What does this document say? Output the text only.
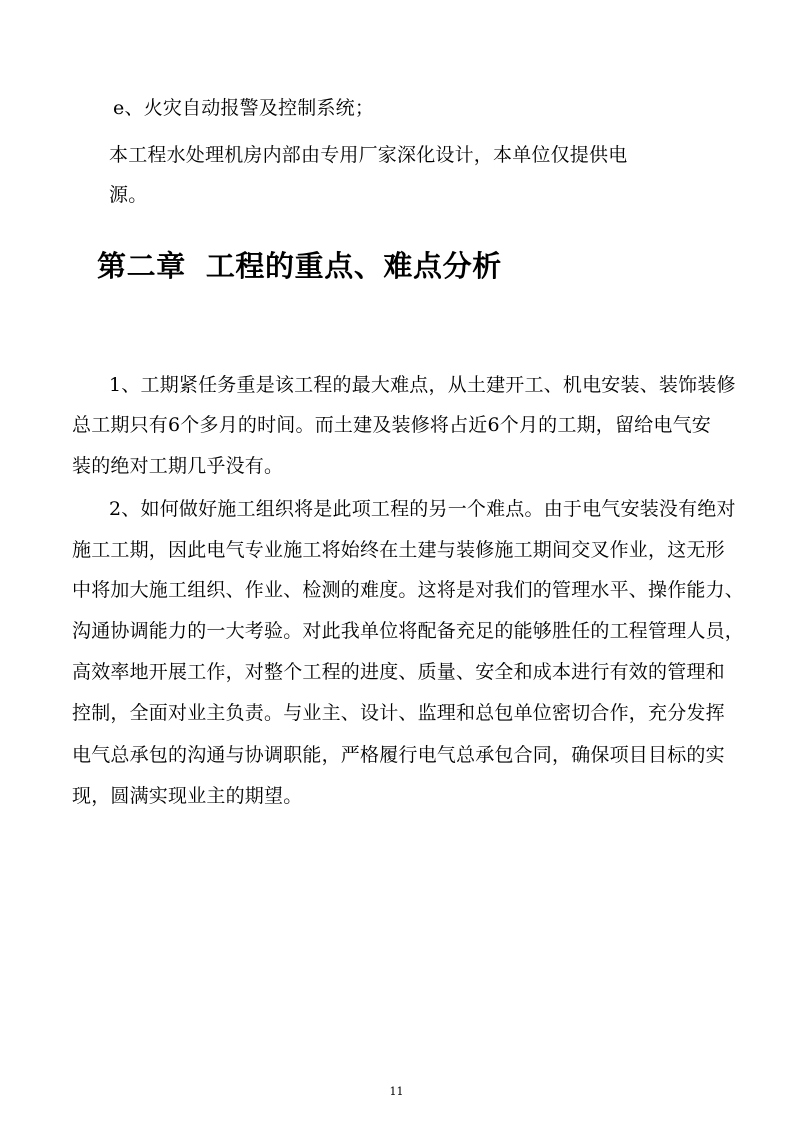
e、火灾自动报警及控制系统；
本工程水处理机房内部由专用厂家深化设计，本单位仅提供电
源。
第二章 工程的重点、难点分析
1、工期紧任务重是该工程的最大难点，从土建开工、机电安装、装饰装修
总工期只有6个多月的时间。而土建及装修将占近6个月的工期，留给电气安
装的绝对工期几乎没有。
2、如何做好施工组织将是此项工程的另一个难点。由于电气安装没有绝对
施工工期，因此电气专业施工将始终在土建与装修施工期间交叉作业，这无形
中将加大施工组织、作业、检测的难度。这将是对我们的管理水平、操作能力、
沟通协调能力的一大考验。对此我单位将配备充足的能够胜任的工程管理人员，
高效率地开展工作，对整个工程的进度、质量、安全和成本进行有效的管理和
控制，全面对业主负责。与业主、设计、监理和总包单位密切合作，充分发挥
电气总承包的沟通与协调职能，严格履行电气总承包合同，确保项目目标的实
现，圆满实现业主的期望。
11
